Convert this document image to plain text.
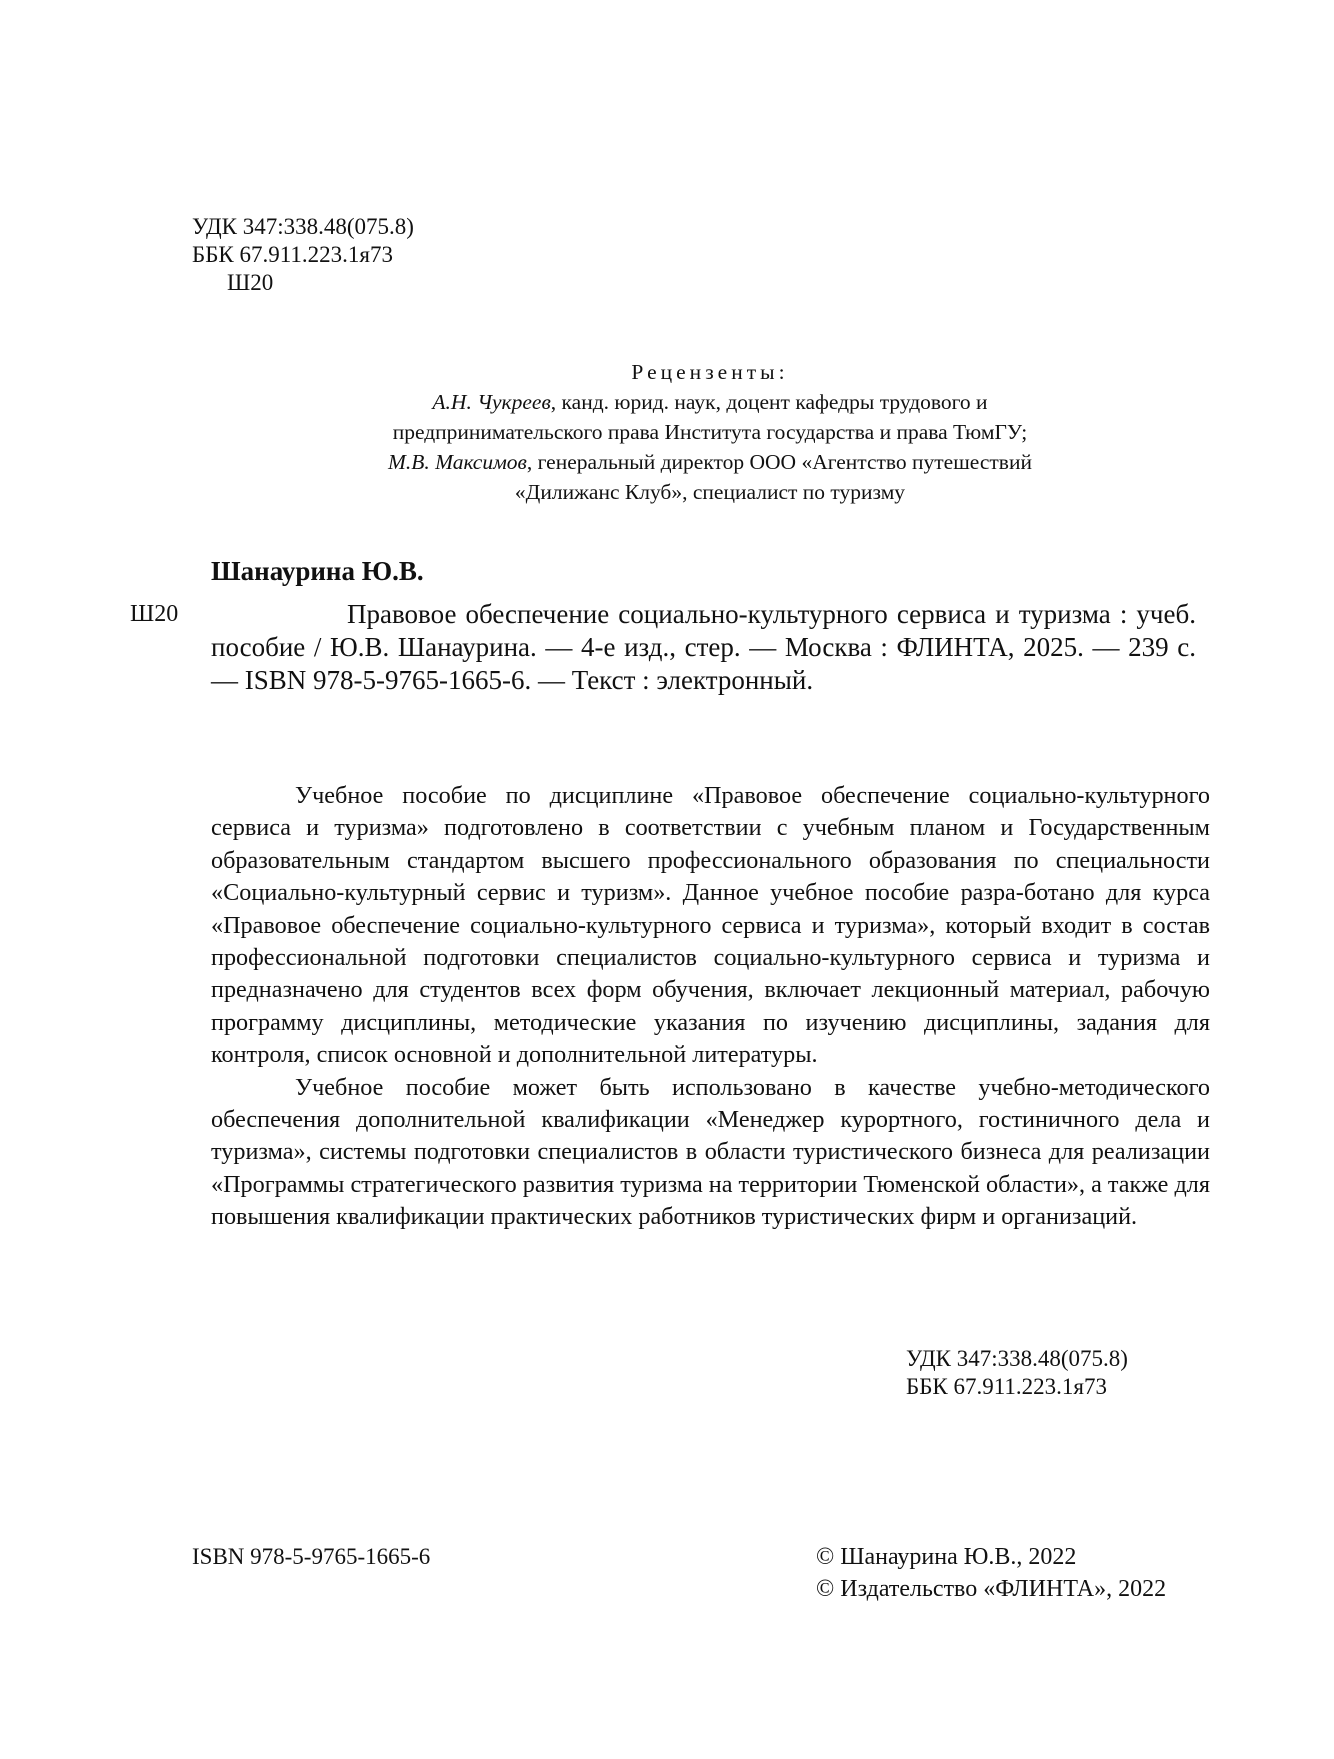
УДК 347:338.48(075.8)
ББК 67.911.223.1я73
Ш20
Рецензенты:
А.Н. Чукреев, канд. юрид. наук, доцент кафедры трудового и
предпринимательского права Института государства и права ТюмГУ;
М.В. Максимов, генеральный директор ООО «Агентство путешествий
«Дилижанс Клуб», специалист по туризму
Шанаурина Ю.В.
Ш20	Правовое обеспечение социально-культурного сервиса и туризма : учеб. пособие / Ю.В. Шанаурина. — 4-е изд., стер. — Москва : ФЛИНТА, 2025. — 239 с. — ISBN 978-5-9765-1665-6. — Текст : электронный.

Учебное пособие по дисциплине «Правовое обеспечение социально-культурного сервиса и туризма» подготовлено в соответствии с учебным планом и Государственным образовательным стандартом высшего профессионального образования по специальности «Социально-культурный сервис и туризм». Данное учебное пособие разра-ботано для курса «Правовое обеспечение социально-культурного сервиса и туризма», который входит в состав профессиональной подготовки специалистов социально-культурного сервиса и туризма и предназначено для студентов всех форм обучения, включает лекционный материал, рабочую программу дисциплины, методические указания по изучению дисциплины, задания для контроля, список основной и дополнительной литературы.

Учебное пособие может быть использовано в качестве учебно-методического обеспечения дополнительной квалификации «Менеджер курортного, гостиничного дела и туризма», системы подготовки специалистов в области туристического бизнеса для реализации «Программы стратегического развития туризма на территории Тюменской области», а также для повышения квалификации практических работников туристических фирм и организаций.

УДК 347:338.48(075.8)
ББК 67.911.223.1я73
ISBN 978-5-9765-1665-6	© Шанаурина Ю.В., 2022
© Издательство «ФЛИНТА», 2022
